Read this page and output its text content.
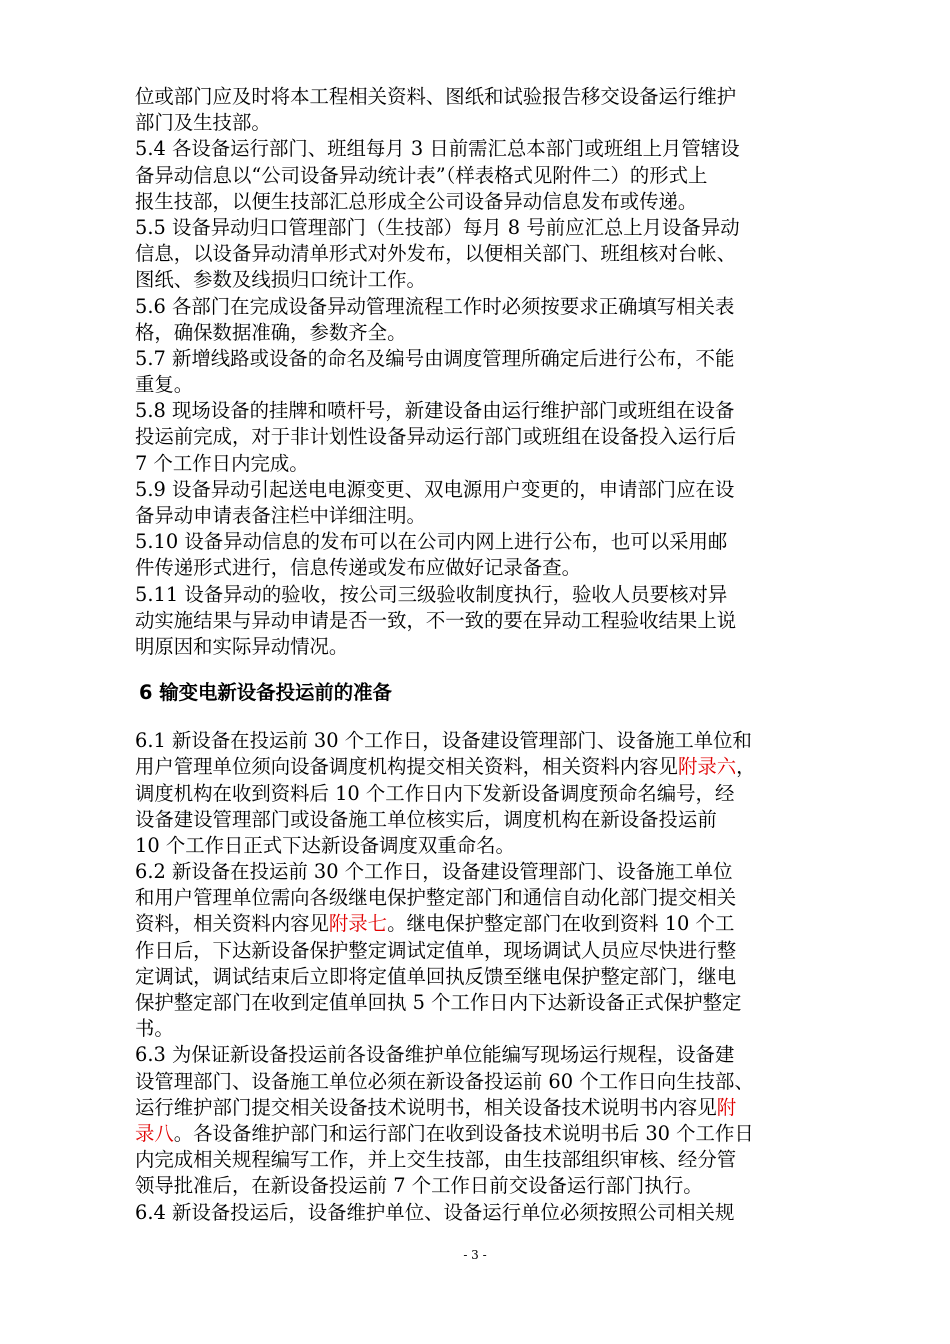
位或部门应及时将本工程相关资料、图纸和试验报告移交设备运行维护
部门及生技部。
5.4 各设备运行部门、班组每月 3 日前需汇总本部门或班组上月管辖设
备异动信息以“公司设备异动统计表”（样表格式见附件二）的形式上
报生技部，以便生技部汇总形成全公司设备异动信息发布或传递。
5.5 设备异动归口管理部门（生技部）每月 8 号前应汇总上月设备异动
信息，以设备异动清单形式对外发布，以便相关部门、班组核对台帐、
图纸、参数及线损归口统计工作。
5.6 各部门在完成设备异动管理流程工作时必须按要求正确填写相关表
格，确保数据准确，参数齐全。
5.7 新增线路或设备的命名及编号由调度管理所确定后进行公布，不能
重复。
5.8 现场设备的挂牌和喷杆号，新建设备由运行维护部门或班组在设备
投运前完成，对于非计划性设备异动运行部门或班组在设备投入运行后
7 个工作日内完成。
5.9 设备异动引起送电电源变更、双电源用户变更的，申请部门应在设
备异动申请表备注栏中详细注明。
5.10 设备异动信息的发布可以在公司内网上进行公布，也可以采用邮
件传递形式进行，信息传递或发布应做好记录备查。
5.11 设备异动的验收，按公司三级验收制度执行，验收人员要核对异
动实施结果与异动申请是否一致，不一致的要在异动工程验收结果上说
明原因和实际异动情况。
6 输变电新设备投运前的准备
6.1 新设备在投运前 30 个工作日，设备建设管理部门、设备施工单位和
用户管理单位须向设备调度机构提交相关资料，相关资料内容见附录六，
调度机构在收到资料后 10 个工作日内下发新设备调度预命名编号，经
设备建设管理部门或设备施工单位核实后，调度机构在新设备投运前
10 个工作日正式下达新设备调度双重命名。
6.2 新设备在投运前 30 个工作日，设备建设管理部门、设备施工单位
和用户管理单位需向各级继电保护整定部门和通信自动化部门提交相关
资料，相关资料内容见附录七。继电保护整定部门在收到资料 10 个工
作日后，下达新设备保护整定调试定值单，现场调试人员应尽快进行整
定调试，调试结束后立即将定值单回执反馈至继电保护整定部门，继电
保护整定部门在收到定值单回执 5 个工作日内下达新设备正式保护整定
书。
6.3 为保证新设备投运前各设备维护单位能编写现场运行规程，设备建
设管理部门、设备施工单位必须在新设备投运前 60 个工作日向生技部、
运行维护部门提交相关设备技术说明书，相关设备技术说明书内容见附
录八。各设备维护部门和运行部门在收到设备技术说明书后 30 个工作日
内完成相关规程编写工作，并上交生技部，由生技部组织审核、经分管
领导批准后，在新设备投运前 7 个工作日前交设备运行部门执行。
6.4 新设备投运后，设备维护单位、设备运行单位必须按照公司相关规
- 3 -
